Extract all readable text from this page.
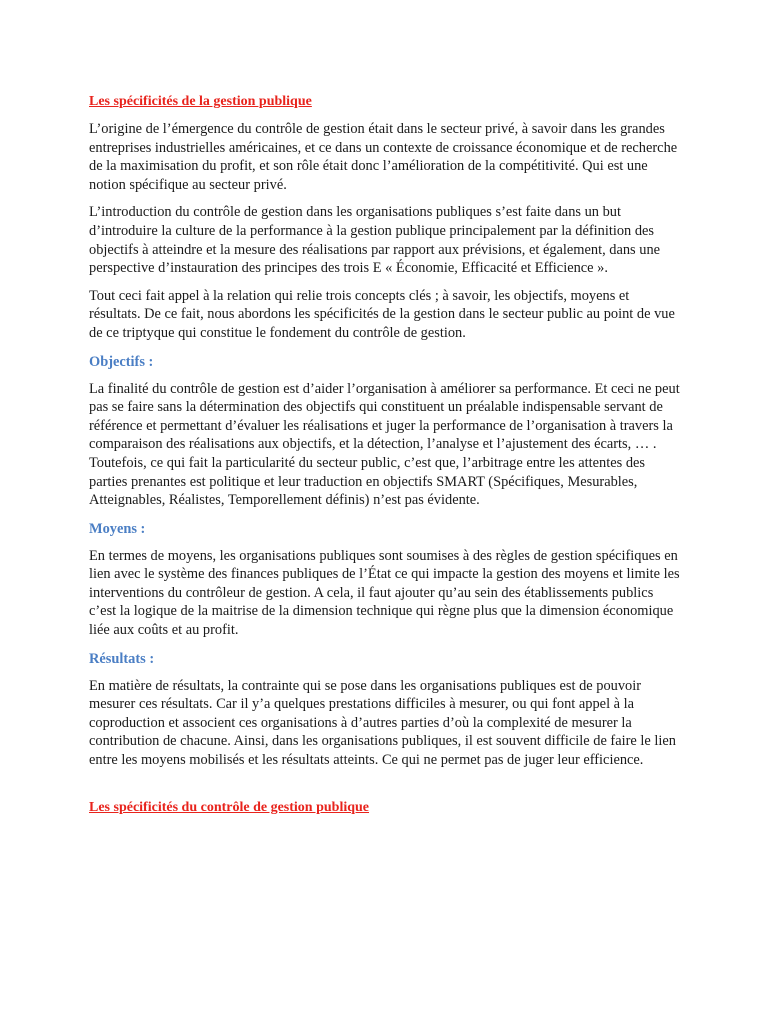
Les spécificités de la gestion publique

L’origine de l’émergence du contrôle de gestion était dans le secteur privé, à savoir dans les grandes entreprises industrielles américaines, et ce dans un contexte de croissance économique et de recherche de la maximisation du profit, et son rôle était donc l’amélioration de la compétitivité. Qui est une notion spécifique au secteur privé.

L’introduction du contrôle de gestion dans les organisations publiques s’est faite dans un but d’introduire la culture de la performance à la gestion publique principalement par la définition des objectifs à atteindre et la mesure des réalisations par rapport aux prévisions, et également, dans une perspective d’instauration des principes des trois E « Économie, Efficacité et Efficience ».

Tout ceci fait appel à la relation qui relie trois concepts clés ; à savoir, les objectifs, moyens et résultats. De ce fait, nous abordons les spécificités de la gestion dans le secteur public au point de vue de ce triptyque qui constitue le fondement du contrôle de gestion.

Objectifs :

La finalité du contrôle de gestion est d’aider l’organisation à améliorer sa performance. Et ceci ne peut pas se faire sans la détermination des objectifs qui constituent un préalable indispensable servant de référence et permettant d’évaluer les réalisations et juger la performance de l’organisation à travers la comparaison des réalisations aux objectifs, et la détection, l’analyse et l’ajustement des écarts, … . Toutefois, ce qui fait la particularité du secteur public, c’est que, l’arbitrage entre les attentes des parties prenantes est politique et leur traduction en objectifs SMART (Spécifiques, Mesurables, Atteignables, Réalistes, Temporellement définis) n’est pas évidente.

Moyens :

En termes de moyens, les organisations publiques sont soumises à des règles de gestion spécifiques en lien avec le système des finances publiques de l’État ce qui impacte la gestion des moyens et limite les interventions du contrôleur de gestion. A cela, il faut ajouter qu’au sein des établissements publics c’est la logique de la maitrise de la dimension technique qui règne plus que la dimension économique liée aux coûts et au profit.

Résultats :

En matière de résultats, la contrainte qui se pose dans les organisations publiques est de pouvoir mesurer ces résultats. Car il y’a quelques prestations difficiles à mesurer, ou qui font appel à la coproduction et associent ces organisations à d’autres parties d’où la complexité de mesurer la contribution de chacune. Ainsi, dans les organisations publiques, il est souvent difficile de faire le lien entre les moyens mobilisés et les résultats atteints. Ce qui ne permet pas de juger leur efficience.

Les spécificités du contrôle de gestion publique
